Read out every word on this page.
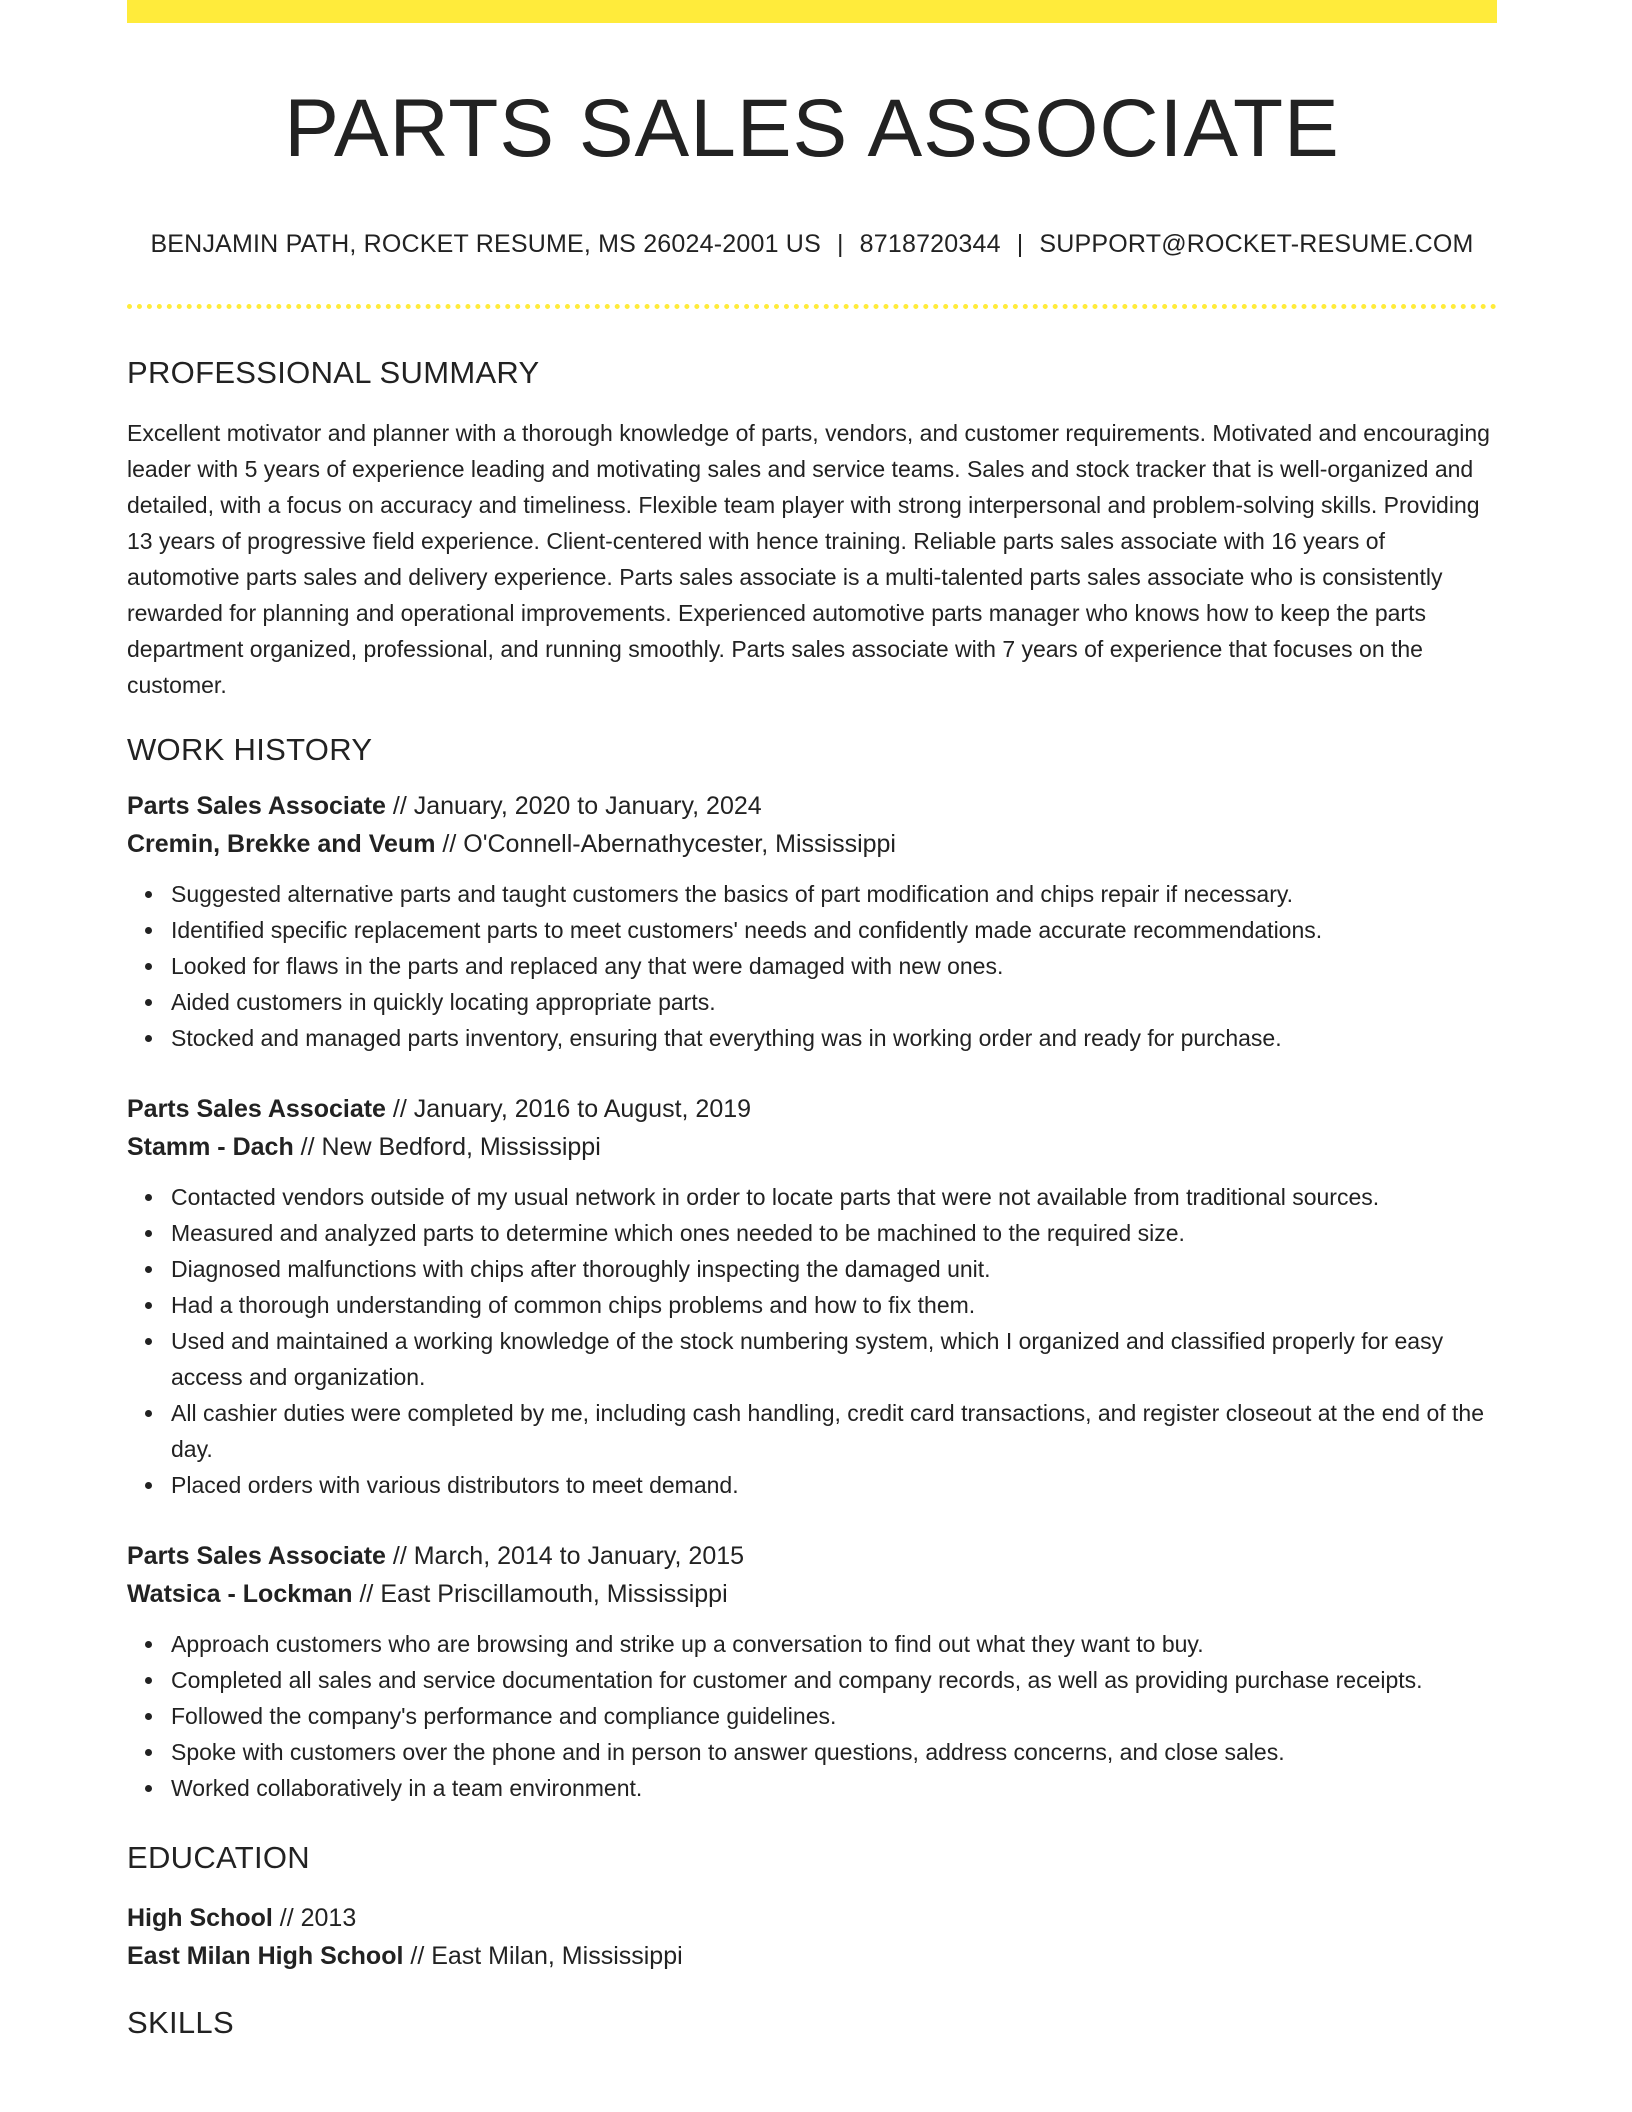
PARTS SALES ASSOCIATE
BENJAMIN PATH, ROCKET RESUME, MS 26024-2001 US | 8718720344 | SUPPORT@ROCKET-RESUME.COM
PROFESSIONAL SUMMARY

Excellent motivator and planner with a thorough knowledge of parts, vendors, and customer requirements. Motivated and encouraging leader with 5 years of experience leading and motivating sales and service teams. Sales and stock tracker that is well-organized and detailed, with a focus on accuracy and timeliness. Flexible team player with strong interpersonal and problem-solving skills. Providing 13 years of progressive field experience. Client-centered with hence training. Reliable parts sales associate with 16 years of automotive parts sales and delivery experience. Parts sales associate is a multi-talented parts sales associate who is consistently rewarded for planning and operational improvements. Experienced automotive parts manager who knows how to keep the parts department organized, professional, and running smoothly. Parts sales associate with 7 years of experience that focuses on the customer.

WORK HISTORY
Parts Sales Associate // January, 2020 to January, 2024
Cremin, Brekke and Veum // O'Connell-Abernathycester, Mississippi
Suggested alternative parts and taught customers the basics of part modification and chips repair if necessary.
Identified specific replacement parts to meet customers' needs and confidently made accurate recommendations.
Looked for flaws in the parts and replaced any that were damaged with new ones.
Aided customers in quickly locating appropriate parts.
Stocked and managed parts inventory, ensuring that everything was in working order and ready for purchase.
Parts Sales Associate // January, 2016 to August, 2019
Stamm - Dach // New Bedford, Mississippi
Contacted vendors outside of my usual network in order to locate parts that were not available from traditional sources.
Measured and analyzed parts to determine which ones needed to be machined to the required size.
Diagnosed malfunctions with chips after thoroughly inspecting the damaged unit.
Had a thorough understanding of common chips problems and how to fix them.
Used and maintained a working knowledge of the stock numbering system, which I organized and classified properly for easy access and organization.
All cashier duties were completed by me, including cash handling, credit card transactions, and register closeout at the end of the day.
Placed orders with various distributors to meet demand.
Parts Sales Associate // March, 2014 to January, 2015
Watsica - Lockman // East Priscillamouth, Mississippi
Approach customers who are browsing and strike up a conversation to find out what they want to buy.
Completed all sales and service documentation for customer and company records, as well as providing purchase receipts.
Followed the company's performance and compliance guidelines.
Spoke with customers over the phone and in person to answer questions, address concerns, and close sales.
Worked collaboratively in a team environment.
EDUCATION
High School // 2013
East Milan High School // East Milan, Mississippi
SKILLS
